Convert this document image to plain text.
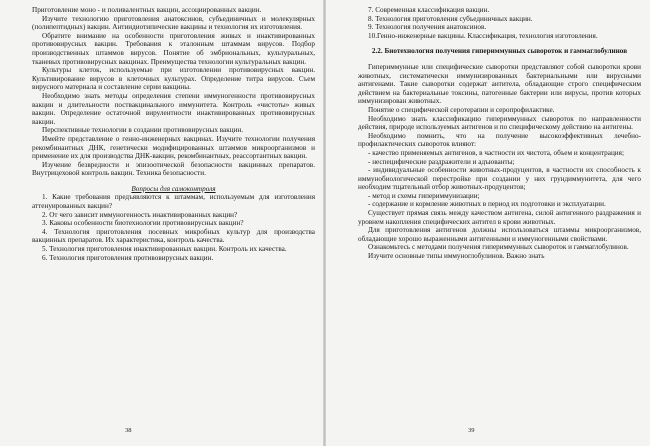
Приготовление моно - и поливалентных вакцин, ассоциированных вакцин.

Изучите технологию приготовления анатоксинов, субъединичных и молекулярных (полипептидных) вакцин. Антиидиотипические вакцины и технология их изготовления.

Обратите внимание на особенности приготовления живых и инактивированных противовирусных вакцин. Требования к эталонным штаммам вирусов. Подбор производственных штаммов вирусов. Понятие об эмбриональных, культуральных, тканевых противовирусных вакцинах. Преимущества технологии культуральных вакцин.

Культуры клеток, используемые при изготовлении противовирусных вакцин. Культивирование вирусов в клеточных культурах. Определение титра вирусов. Съем вирусного материала и составление серии вакцины.

Необходимо знать методы определения степени иммуногенности противовирусных вакцин и длительности поствакцинального иммунитета. Контроль «чистоты» живых вакцин. Определение остаточной вирулентности инактивированных противовирусных вакцин.

Перспективные технологии в создании противовирусных вакцин.

Имейте представление о генно-инженерных вакцинах. Изучите технологии получения рекомбинантных ДНК, генетически модифицированных штаммов микроорганизмов и применение их для производства ДНК-вакцин, рекомбинантных, реассортантных вакцин.

Изучение безвредности и эпизоотической безопасности вакцинных препаратов. Внутрицеховой контроль вакцин. Техника безопасности.

Вопросы для самоконтроля

1. Какие требования предъявляются к штаммам, используемым для изготовления аттенуированных вакцин?

2. От чего зависит иммуногенность инактивированных вакцин?

3. Каковы особенности биотехнологии противовирусных вакцин?

4. Технология приготовления посевных микробных культур для производства вакцинных препаратов. Их характеристика, контроль качества.

5. Технология приготовления инактивированных вакцин. Контроль их качества.

6. Технология приготовления противовирусных вакцин.

38

7. Современная классификация вакцин.

8. Технология приготовления субъединичных вакцин.

9. Технология получения анатоксинов.

10.Генно-инженерные вакцины. Классификация, технология изготовления.

2.2. Биотехнология получения гипериммунных сывороток и гаммаглобулинов

Гипериммунные или специфические сыворотки представляют собой сыворотки крови животных, систематически иммунизированных бактериальными или вирусными антигенами. Такие сыворотки содержат антитела, обладающие строго специфическим действием на бактериальные токсины, патогенные бактерии или вирусы, против которых иммунизирован животных.

Понятие о специфической серотерапии и серопрофилактике.

Необходимо знать классификацию гипериммунных сывороток по направленности действия, природе используемых антигенов и по специфическому действию на антигены.

Необходимо помнить, что на получение высокоэффективных лечебно-профилактических сывороток влияют:

- качество применяемых антигенов, в частности их чистота, объем и концентрация;

- неспецифические раздражители и адъюванты;

- индивидуальные особенности животных-продуцентов, в частности их способность к иммунобиологической перестройке при создании у них грундиммунитета, для чего необходим тщательный отбор животных-продуцентов;

- метод и схемы гипериммунизации;

- содержание и кормление животных в период их подготовки и эксплуатации.

Существует прямая связь между качеством антигена, силой антигенного раздражения и уровнем накопления специфических антител в крови животных.

Для приготовления антигенов должны использоваться штаммы микроорганизмов, обладающие хорошо выраженными антигенными и иммуногенными свойствами.

Ознакомьтесь с методами получения гипериммунных сывороток и гаммаглобулинов.

Изучите основные типы иммуноглобулинов. Важно знать

39
